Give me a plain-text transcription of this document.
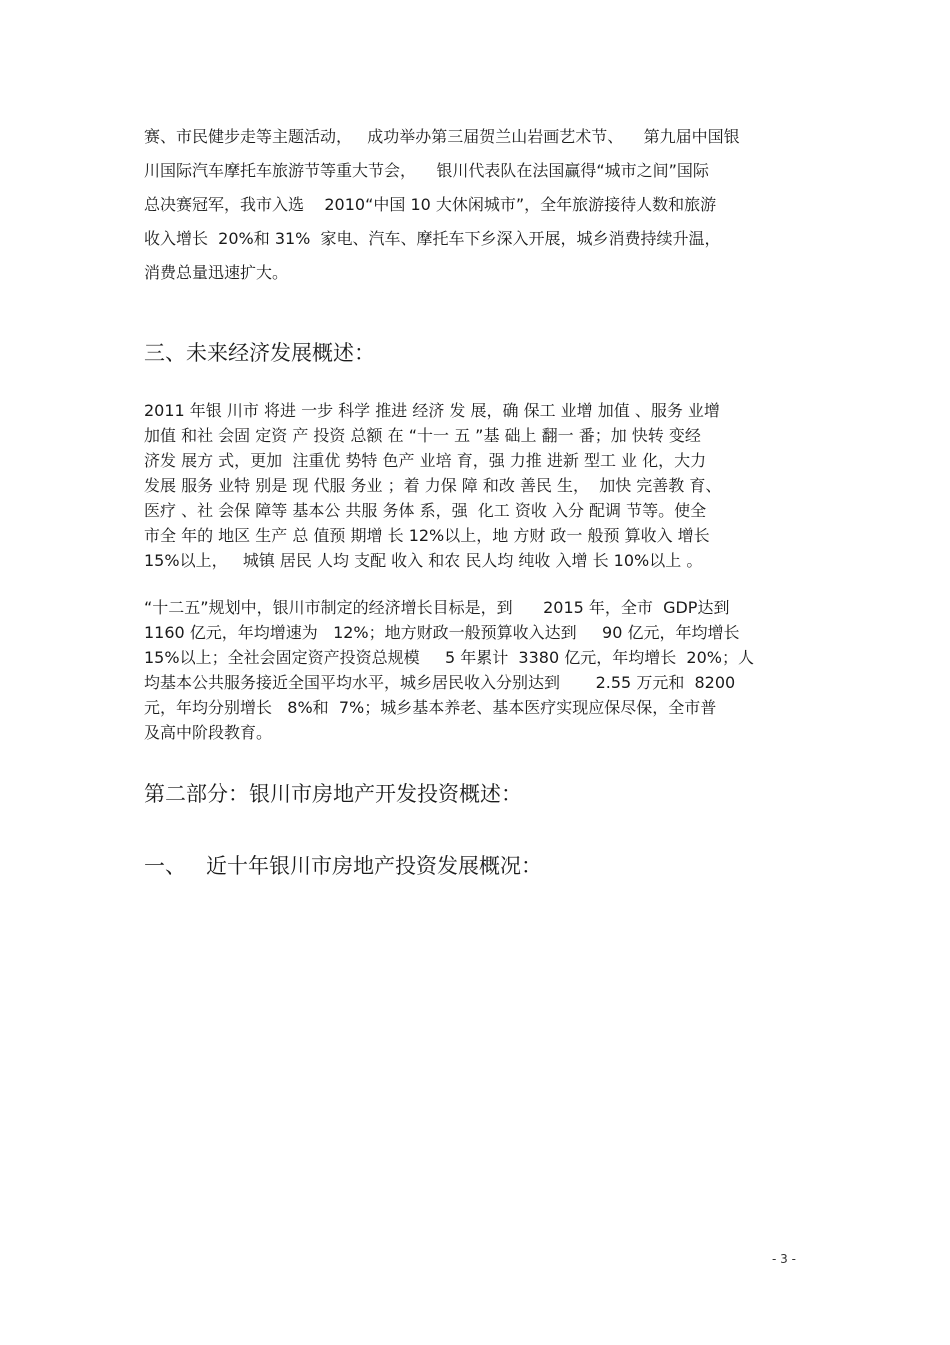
赛、市民健步走等主题活动，   成功举办第三届贺兰山岩画艺术节、    第九届中国银
川国际汽车摩托车旅游节等重大节会，    银川代表队在法国赢得“城市之间”国际
总决赛冠军，我市入选    2010“中国 10 大休闲城市”，全年旅游接待人数和旅游
收入增长  20%和 31%  家电、汽车、摩托车下乡深入开展，城乡消费持续升温，
消费总量迅速扩大。
三、未来经济发展概述：
2011 年银 川市 将进 一步 科学 推进 经济 发 展，确 保工 业增 加值 、服务 业增
加值 和社 会固 定资 产 投资 总额 在 “十一 五 ”基 础上 翻一 番；加 快转 变经
济发 展方 式，更加  注重优 势特 色产 业培 育，强 力推 进新 型工 业 化，大力
发展 服务 业特 别是 现 代服 务业 ；着 力保 障 和改 善民 生，  加快 完善教 育、
医疗 、社 会保 障等 基本公 共服 务体 系，强  化工 资收 入分 配调 节等。使全
市全 年的 地区 生产 总 值预 期增 长 12%以上，地 方财 政一 般预 算收入 增长
15%以上，   城镇 居民 人均 支配 收入 和农 民人均 纯收 入增 长 10%以上 。
“十二五”规划中，银川市制定的经济增长目标是，到      2015 年，全市  GDP达到
1160 亿元，年均增速为   12%；地方财政一般预算收入达到     90 亿元，年均增长
15%以上；全社会固定资产投资总规模     5 年累计  3380 亿元，年均增长  20%；人
均基本公共服务接近全国平均水平，城乡居民收入分别达到       2.55 万元和  8200
元，年均分别增长   8%和  7%；城乡基本养老、基本医疗实现应保尽保，全市普
及高中阶段教育。
第二部分：银川市房地产开发投资概述：
一、   近十年银川市房地产投资发展概况：
- 3 -
